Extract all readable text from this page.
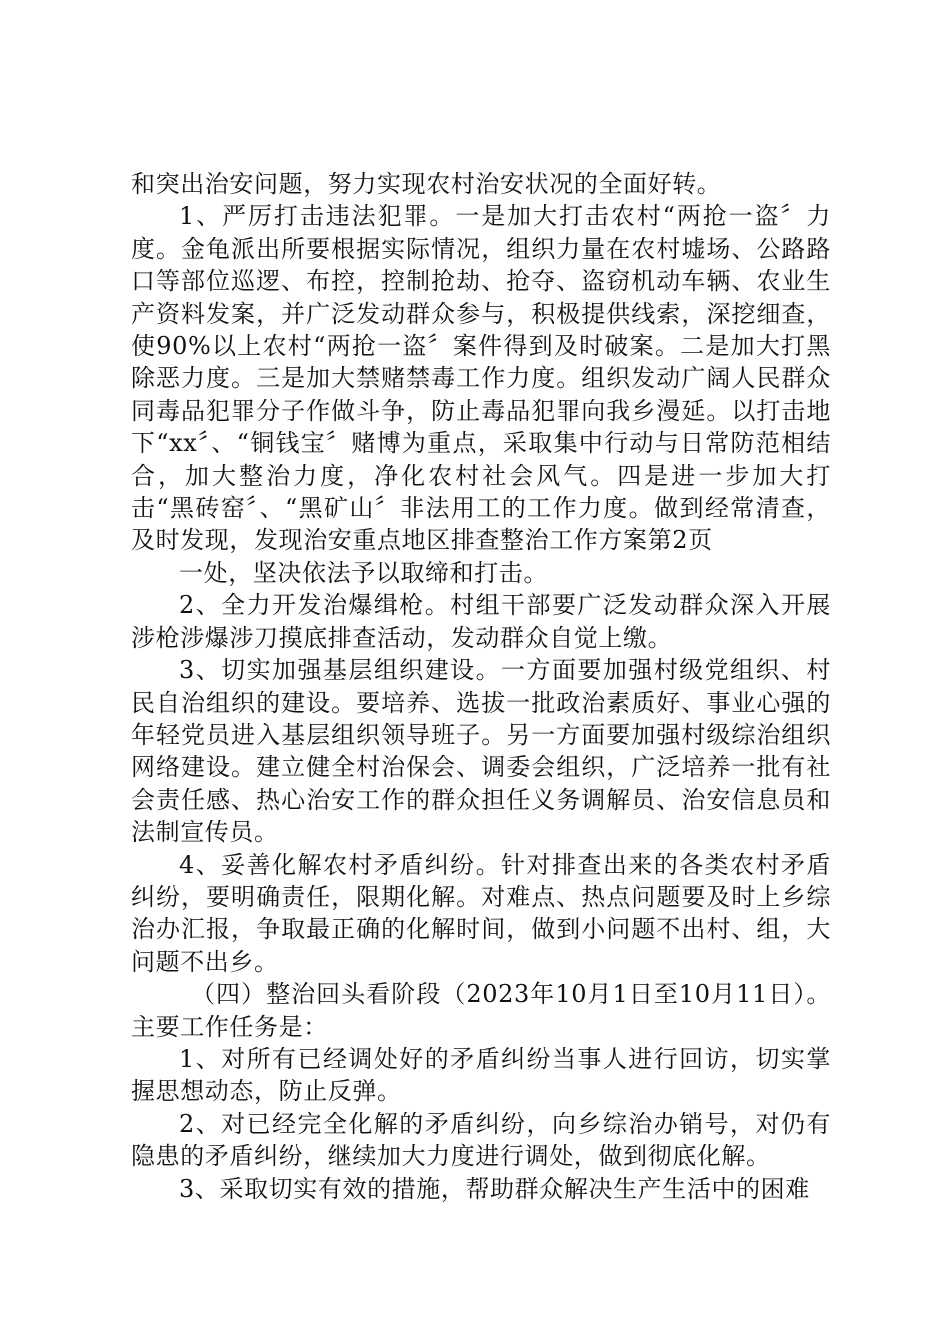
和突出治安问题，努力实现农村治安状况的全面好转。

1、严厉打击违法犯罪。一是加大打击农村“两抢一盗〞力度。金龟派出所要根据实际情况，组织力量在农村墟场、公路路口等部位巡逻、布控，控制抢劫、抢夺、盗窃机动车辆、农业生产资料发案，并广泛发动群众参与，积极提供线索，深挖细查，使90%以上农村“两抢一盗〞案件得到及时破案。二是加大打黑除恶力度。三是加大禁赌禁毒工作力度。组织发动广阔人民群众同毒品犯罪分子作做斗争，防止毒品犯罪向我乡漫延。以打击地下“xx〞、“铜钱宝〞赌博为重点，采取集中行动与日常防范相结合，加大整治力度，净化农村社会风气。四是进一步加大打击“黑砖窑〞、“黑矿山〞非法用工的工作力度。做到经常清查，及时发现，发现治安重点地区排查整治工作方案第2页

一处，坚决依法予以取缔和打击。

2、全力开发治爆缉枪。村组干部要广泛发动群众深入开展涉枪涉爆涉刀摸底排查活动，发动群众自觉上缴。

3、切实加强基层组织建设。一方面要加强村级党组织、村民自治组织的建设。要培养、选拔一批政治素质好、事业心强的年轻党员进入基层组织领导班子。另一方面要加强村级综治组织网络建设。建立健全村治保会、调委会组织，广泛培养一批有社会责任感、热心治安工作的群众担任义务调解员、治安信息员和法制宣传员。

4、妥善化解农村矛盾纠纷。针对排查出来的各类农村矛盾纠纷，要明确责任，限期化解。对难点、热点问题要及时上乡综治办汇报，争取最正确的化解时间，做到小问题不出村、组，大问题不出乡。

（四）整治回头看阶段（2023年10月1日至10月11日）。主要工作任务是：

1、对所有已经调处好的矛盾纠纷当事人进行回访，切实掌握思想动态，防止反弹。

2、对已经完全化解的矛盾纠纷，向乡综治办销号，对仍有隐患的矛盾纠纷，继续加大力度进行调处，做到彻底化解。

3、采取切实有效的措施，帮助群众解决生产生活中的困难
